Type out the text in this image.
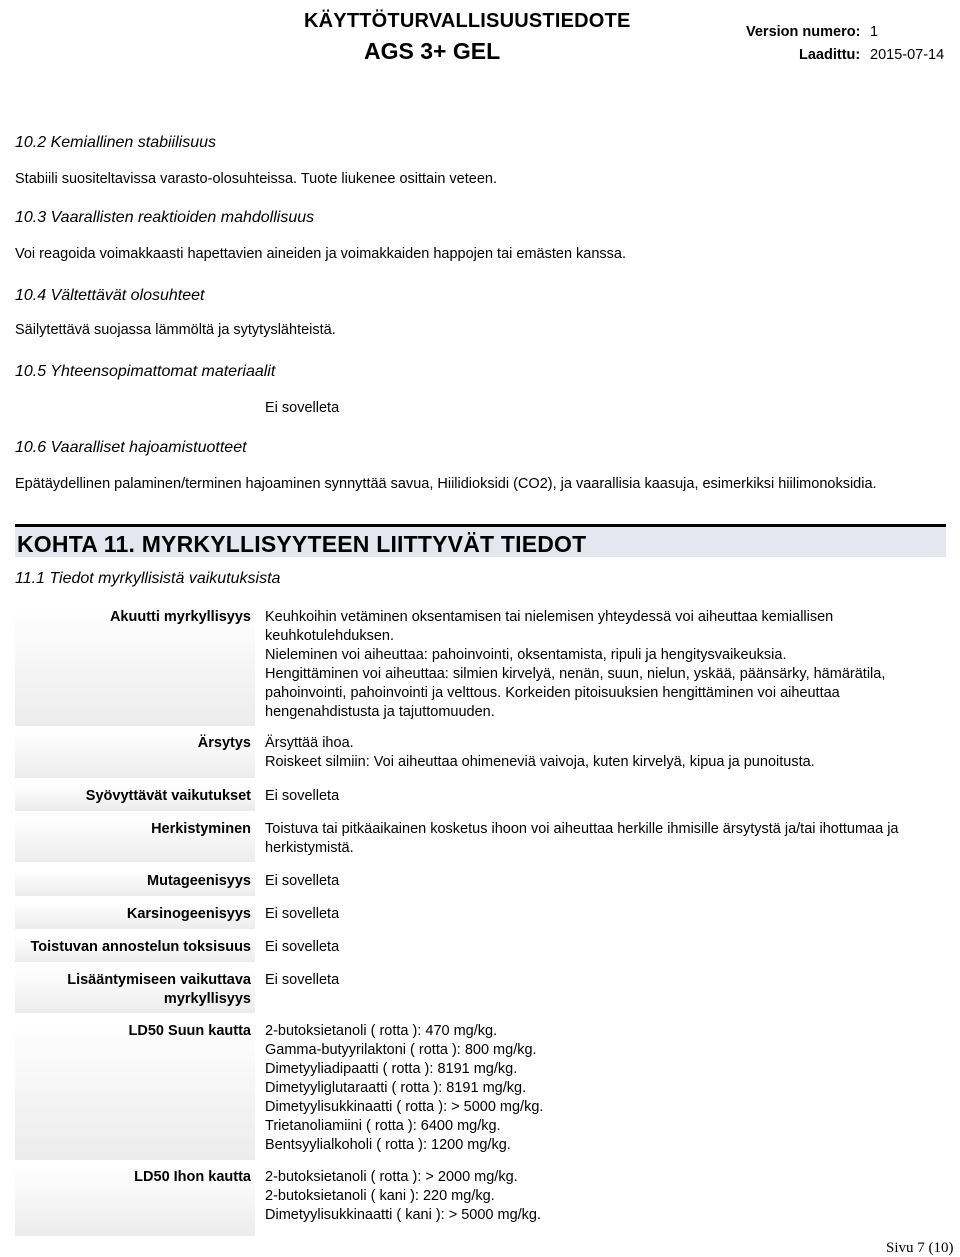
KÄYTTÖTURVALLISUUSTIEDOTE
AGS 3+ GEL
Version numero: 1
Laadittu: 2015-07-14
10.2 Kemiallinen stabiilisuus
Stabiili suositeltavissa varasto-olosuhteissa. Tuote liukenee osittain veteen.
10.3 Vaarallisten reaktioiden mahdollisuus
Voi reagoida voimakkaasti hapettavien aineiden ja voimakkaiden happojen tai emästen kanssa.
10.4 Vältettävät olosuhteet
Säilytettävä suojassa lämmöltä ja sytytyslähteistä.
10.5 Yhteensopimattomat materiaalit
Ei sovelleta
10.6 Vaaralliset hajoamistuotteet
Epätäydellinen palaminen/terminen hajoaminen synnyttää savua, Hiilidioksidi (CO2), ja vaarallisia kaasuja, esimerkiksi hiilimonoksidia.
KOHTA 11. MYRKYLLISYYTEEN LIITTYVÄT TIEDOT
11.1 Tiedot myrkyllisistä vaikutuksista
Akuutti myrkyllisyys Keuhkoihin vetäminen oksentamisen tai nielemisen yhteydessä voi aiheuttaa kemiallisen
keuhkotulehduksen.
Nieleminen voi aiheuttaa: pahoinvointi, oksentamista, ripuli ja hengitysvaikeuksia.
Hengittäminen voi aiheuttaa: silmien kirvelyä, nenän, suun, nielun, yskää, päänsärky, hämärätila,
pahoinvointi, pahoinvointi ja velttous. Korkeiden pitoisuuksien hengittäminen voi aiheuttaa
hengenahdistusta ja tajuttomuuden.
Ärsytys Ärsyttää ihoa.
Roiskeet silmiin: Voi aiheuttaa ohimeneviä vaivoja, kuten kirvelyä, kipua ja punoitusta.
Syövyttävät vaikutukset Ei sovelleta
Herkistyminen Toistuva tai pitkäaikainen kosketus ihoon voi aiheuttaa herkille ihmisille ärsytystä ja/tai ihottumaa ja
herkistymistä.
Mutageenisyys Ei sovelleta
Karsinogeenisyys Ei sovelleta
Toistuvan annostelun toksisuus Ei sovelleta
Lisääntymiseen vaikuttava
myrkyllisyys
Ei sovelleta
LD50 Suun kautta 2-butoksietanoli ( rotta ): 470 mg/kg.
Gamma-butyyrilaktoni ( rotta ): 800 mg/kg.
Dimetyyliadipaatti ( rotta ): 8191 mg/kg.
Dimetyyliglutaraatti ( rotta ): 8191 mg/kg.
Dimetyylisukkinaatti ( rotta ): > 5000 mg/kg.
Trietanoliamiini ( rotta ): 6400 mg/kg.
Bentsyylialkoholi ( rotta ): 1200 mg/kg.
LD50 Ihon kautta 2-butoksietanoli ( rotta ): > 2000 mg/kg.
2-butoksietanoli ( kani ): 220 mg/kg.
Dimetyylisukkinaatti ( kani ): > 5000 mg/kg.
Sivu 7 (10)
